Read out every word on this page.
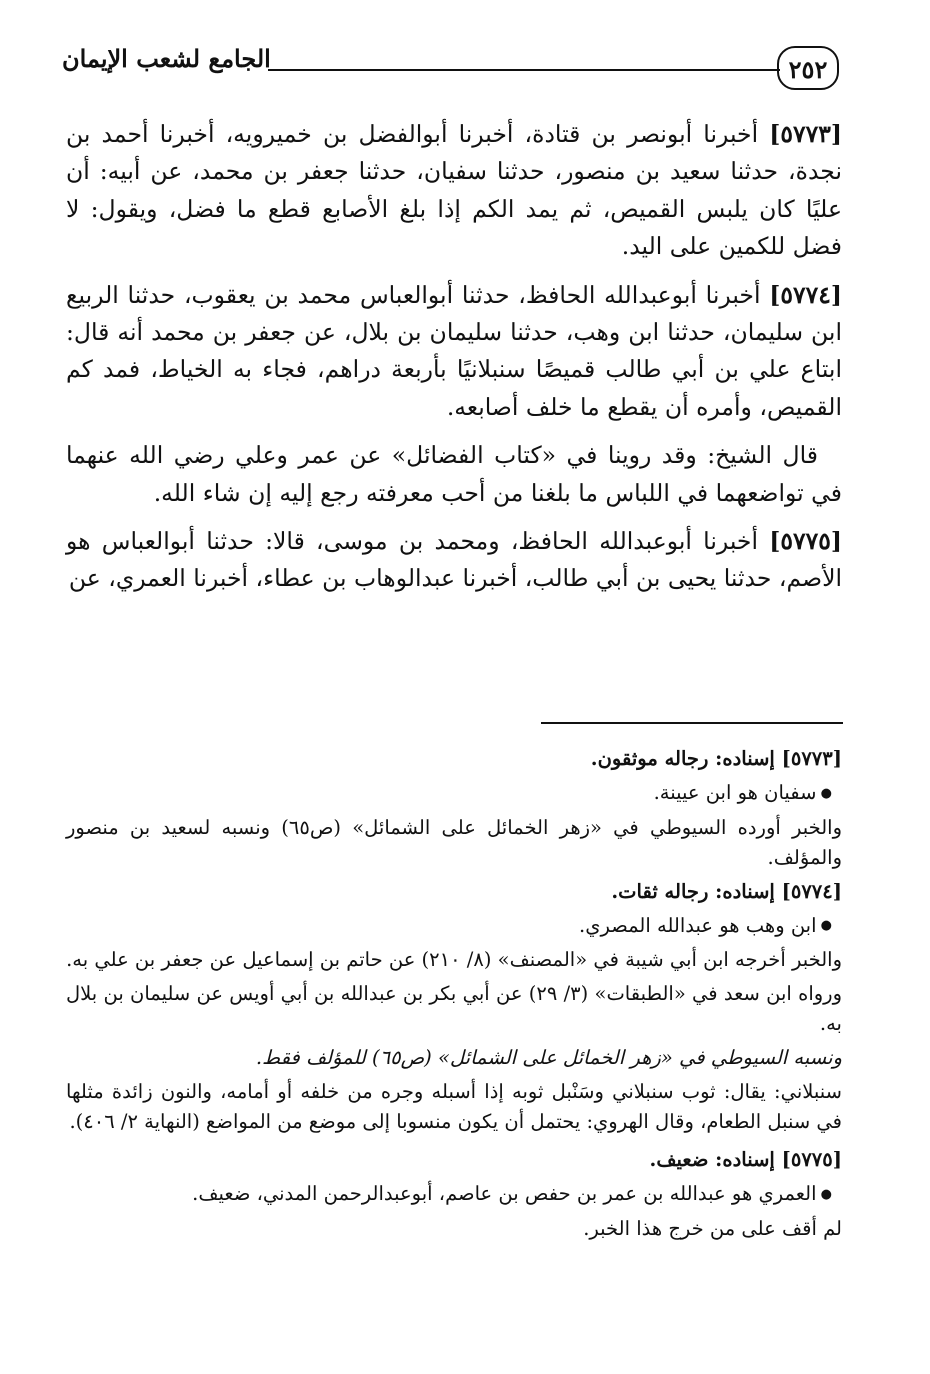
٢٥٢
الجامع لشعب الإيمان

[٥٧٧٣] أخبرنا أبونصر بن قتادة، أخبرنا أبوالفضل بن خميرويه، أخبرنا أحمد بن نجدة، حدثنا سعيد بن منصور، حدثنا سفيان، حدثنا جعفر بن محمد، عن أبيه: أن عليًا كان يلبس القميص، ثم يمد الكم إذا بلغ الأصابع قطع ما فضل، ويقول: لا فضل للكمين على اليد.

[٥٧٧٤] أخبرنا أبوعبدالله الحافظ، حدثنا أبوالعباس محمد بن يعقوب، حدثنا الربيع ابن سليمان، حدثنا ابن وهب، حدثنا سليمان بن بلال، عن جعفر بن محمد أنه قال: ابتاع علي بن أبي طالب قميصًا سنبلانيًا بأربعة دراهم، فجاء به الخياط، فمد كم القميص، وأمره أن يقطع ما خلف أصابعه.

قال الشيخ: وقد روينا في «كتاب الفضائل» عن عمر وعلي رضي الله عنهما في تواضعهما في اللباس ما بلغنا من أحب معرفته رجع إليه إن شاء الله.

[٥٧٧٥] أخبرنا أبوعبدالله الحافظ، ومحمد بن موسى، قالا: حدثنا أبوالعباس هو الأصم، حدثنا يحيى بن أبي طالب، أخبرنا عبدالوهاب بن عطاء، أخبرنا العمري، عن

[٥٧٧٣] إسناده: رجاله موثقون.

● سفيان هو ابن عيينة.

والخبر أورده السيوطي في «زهر الخمائل على الشمائل» (ص٦٥) ونسبه لسعيد بن منصور والمؤلف.

[٥٧٧٤] إسناده: رجاله ثقات.

● ابن وهب هو عبدالله المصري.

والخبر أخرجه ابن أبي شيبة في «المصنف» (٨/ ٢١٠) عن حاتم بن إسماعيل عن جعفر بن علي به.

ورواه ابن سعد في «الطبقات» (٣/ ٢٩) عن أبي بكر بن عبدالله بن أبي أويس عن سليمان بن بلال به.

ونسبه السيوطي في «زهر الخمائل على الشمائل» (ص٦٥) للمؤلف فقط.

سنبلاني: يقال: ثوب سنبلاني وسَنْبل ثوبه إذا أسبله وجره من خلفه أو أمامه، والنون زائدة مثلها في سنبل الطعام، وقال الهروي: يحتمل أن يكون منسوبا إلى موضع من المواضع (النهاية ٢/ ٤٠٦).

[٥٧٧٥] إسناده: ضعيف.

● العمري هو عبدالله بن عمر بن حفص بن عاصم، أبوعبدالرحمن المدني، ضعيف.

لم أقف على من خرج هذا الخبر.
